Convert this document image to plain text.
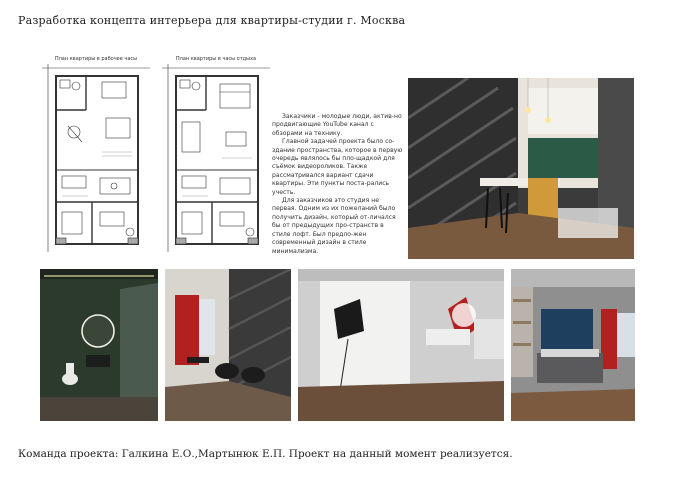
Разработка концепта интерьера для квартиры-студии г. Москва
План квартиры в рабочее часы	План квартиры в часы отдыха

Заказчики - молодые люди, актив-но продвигающие YouTube канал с обзорами на технику.

Главной задачей проекта было со-здание пространства, которое в первую очередь являлось бы пло-щадкой для съёмок видеороликов. Также рассматривался вариант сдачи квартиры. Эти пункты поста-рались учесть.

Для заказчиков это студия не первая. Одним из их пожеланий было получить дизайн, который от-личался бы от предыдущих про-странств в стиле лофт. Был предло-жен современный дизайн в стиле минимализма.

Команда проекта: Галкина Е.О.,Мартынюк Е.П. Проект на данный момент реализуется.
